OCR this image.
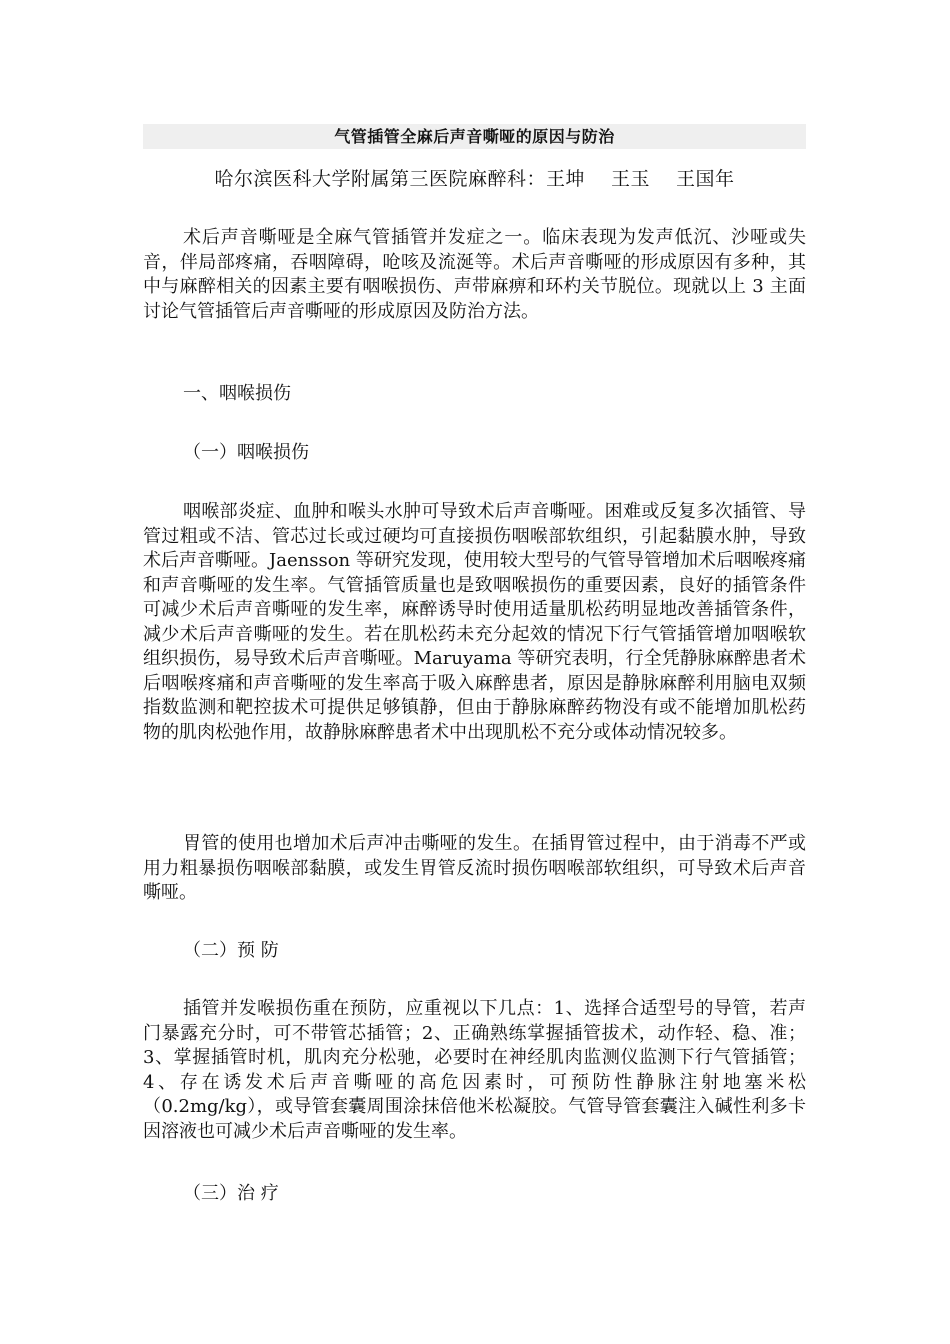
气管插管全麻后声音嘶哑的原因与防治
哈尔滨医科大学附属第三医院麻醉科：王坤　 王玉　 王国年

术后声音嘶哑是全麻气管插管并发症之一。临床表现为发声低沉、沙哑或失音，伴局部疼痛，吞咽障碍，呛咳及流涎等。术后声音嘶哑的形成原因有多种，其中与麻醉相关的因素主要有咽喉损伤、声带麻痹和环杓关节脱位。现就以上 3 主面讨论气管插管后声音嘶哑的形成原因及防治方法。

一、咽喉损伤

（一）咽喉损伤

咽喉部炎症、血肿和喉头水肿可导致术后声音嘶哑。困难或反复多次插管、导管过粗或不洁、管芯过长或过硬均可直接损伤咽喉部软组织，引起黏膜水肿，导致术后声音嘶哑。Jaensson 等研究发现，使用较大型号的气管导管增加术后咽喉疼痛和声音嘶哑的发生率。气管插管质量也是致咽喉损伤的重要因素，良好的插管条件可减少术后声音嘶哑的发生率，麻醉诱导时使用适量肌松药明显地改善插管条件，减少术后声音嘶哑的发生。若在肌松药未充分起效的情况下行气管插管增加咽喉软组织损伤，易导致术后声音嘶哑。Maruyama 等研究表明，行全凭静脉麻醉患者术后咽喉疼痛和声音嘶哑的发生率高于吸入麻醉患者，原因是静脉麻醉利用脑电双频指数监测和靶控拔术可提供足够镇静，但由于静脉麻醉药物没有或不能增加肌松药物的肌肉松弛作用，故静脉麻醉患者术中出现肌松不充分或体动情况较多。

胃管的使用也增加术后声冲击嘶哑的发生。在插胃管过程中，由于消毒不严或用力粗暴损伤咽喉部黏膜，或发生胃管反流时损伤咽喉部软组织，可导致术后声音嘶哑。

（二）预 防

插管并发喉损伤重在预防，应重视以下几点：1、选择合适型号的导管，若声门暴露充分时，可不带管芯插管；2、正确熟练掌握插管拔术，动作轻、稳、准；3、掌握插管时机，肌肉充分松驰，必要时在神经肌肉监测仪监测下行气管插管；4、存在诱发术后声音嘶哑的高危因素时，可预防性静脉注射地塞米松（0.2mg/kg），或导管套囊周围涂抹倍他米松凝胶。气管导管套囊注入碱性利多卡因溶液也可减少术后声音嘶哑的发生率。

（三）治 疗
